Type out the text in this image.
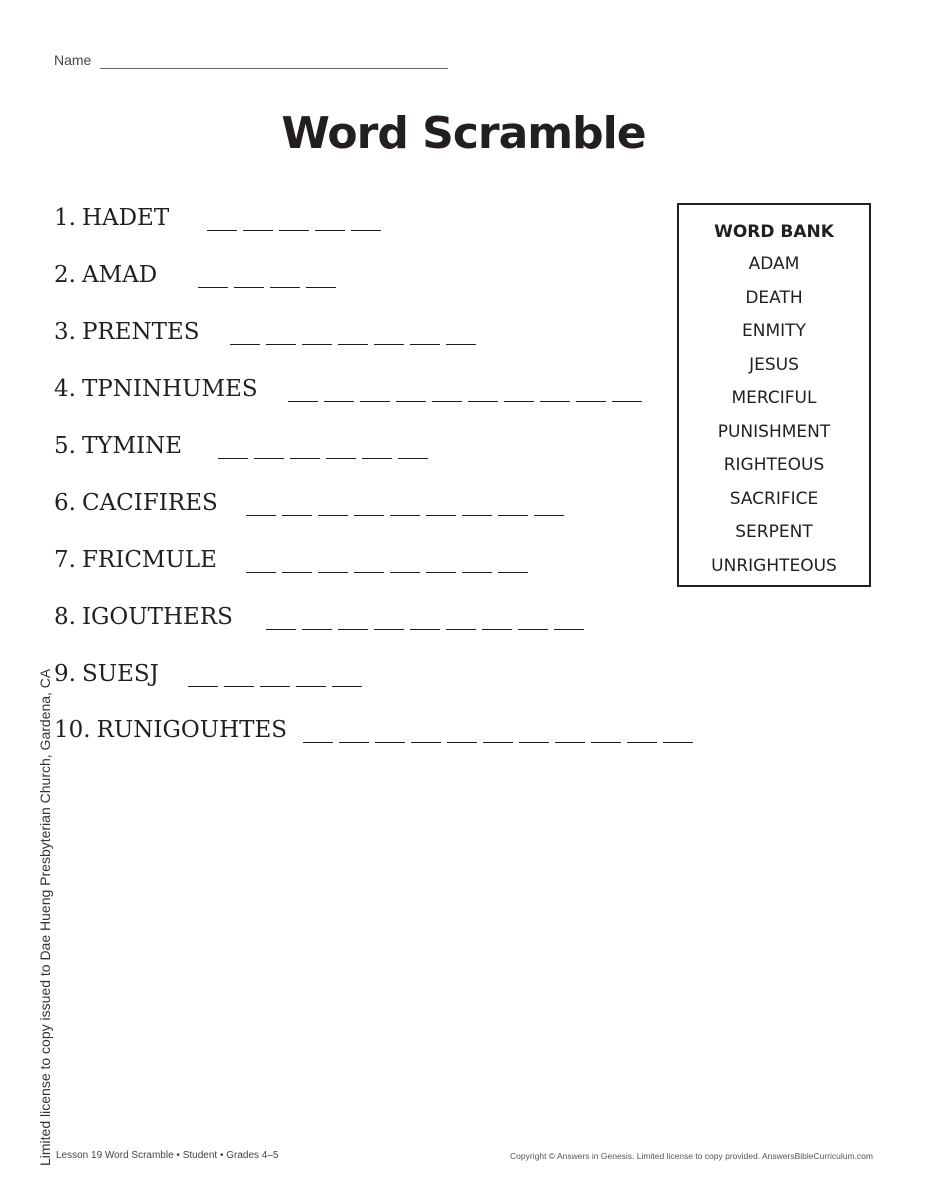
Name
Word Scramble
1. HADET
2. AMAD
3. PRENTES
4. TPNINHUMES
5. TYMINE
6. CACIFIRES
7. FRICMULE
8. IGOUTHERS
9. SUESJ
10. RUNIGOUHTES
WORD BANK
ADAM
DEATH
ENMITY
JESUS
MERCIFUL
PUNISHMENT
RIGHTEOUS
SACRIFICE
SERPENT
UNRIGHTEOUS
Limited license to copy issued to Dae Hueng Presbyterian Church, Gardena, CA Lesson 19 Word Scramble • Student • Grades 4–5	Copyright © Answers in Genesis. Limited license to copy provided. AnswersBibleCurriculum.com
